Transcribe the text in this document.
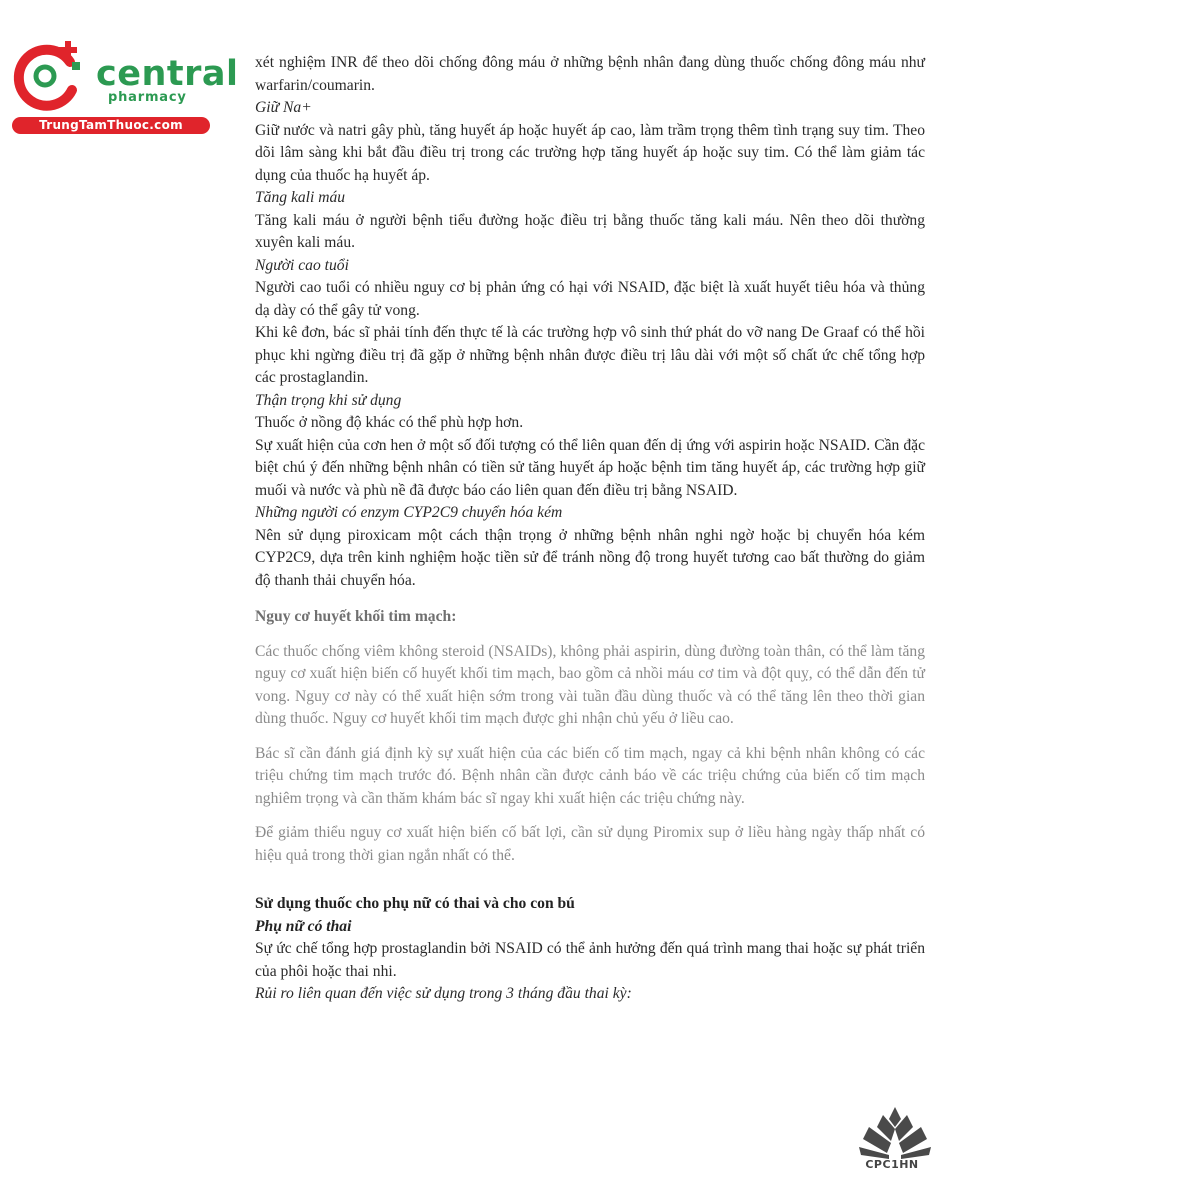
central
pharmacy
TrungTamThuoc.com

xét nghiệm INR để theo dõi chống đông máu ở những bệnh nhân đang dùng thuốc chống đông máu như warfarin/coumarin.

Giữ Na+

Giữ nước và natri gây phù, tăng huyết áp hoặc huyết áp cao, làm trầm trọng thêm tình trạng suy tim. Theo dõi lâm sàng khi bắt đầu điều trị trong các trường hợp tăng huyết áp hoặc suy tim. Có thể làm giảm tác dụng của thuốc hạ huyết áp.

Tăng kali máu

Tăng kali máu ở người bệnh tiểu đường hoặc điều trị bằng thuốc tăng kali máu. Nên theo dõi thường xuyên kali máu.

Người cao tuổi

Người cao tuổi có nhiều nguy cơ bị phản ứng có hại với NSAID, đặc biệt là xuất huyết tiêu hóa và thủng dạ dày có thể gây tử vong.

Khi kê đơn, bác sĩ phải tính đến thực tế là các trường hợp vô sinh thứ phát do vỡ nang De Graaf có thể hồi phục khi ngừng điều trị đã gặp ở những bệnh nhân được điều trị lâu dài với một số chất ức chế tổng hợp các prostaglandin.

Thận trọng khi sử dụng

Thuốc ở nồng độ khác có thể phù hợp hơn.

Sự xuất hiện của cơn hen ở một số đối tượng có thể liên quan đến dị ứng với aspirin hoặc NSAID. Cần đặc biệt chú ý đến những bệnh nhân có tiền sử tăng huyết áp hoặc bệnh tim tăng huyết áp, các trường hợp giữ muối và nước và phù nề đã được báo cáo liên quan đến điều trị bằng NSAID.

Những người có enzym CYP2C9 chuyển hóa kém

Nên sử dụng piroxicam một cách thận trọng ở những bệnh nhân nghi ngờ hoặc bị chuyển hóa kém CYP2C9, dựa trên kinh nghiệm hoặc tiền sử để tránh nồng độ trong huyết tương cao bất thường do giảm độ thanh thải chuyển hóa.

Nguy cơ huyết khối tim mạch:

Các thuốc chống viêm không steroid (NSAIDs), không phải aspirin, dùng đường toàn thân, có thể làm tăng nguy cơ xuất hiện biến cố huyết khối tim mạch, bao gồm cả nhồi máu cơ tim và đột quỵ, có thể dẫn đến tử vong. Nguy cơ này có thể xuất hiện sớm trong vài tuần đầu dùng thuốc và có thể tăng lên theo thời gian dùng thuốc. Nguy cơ huyết khối tim mạch được ghi nhận chủ yếu ở liều cao.

Bác sĩ cần đánh giá định kỳ sự xuất hiện của các biến cố tim mạch, ngay cả khi bệnh nhân không có các triệu chứng tim mạch trước đó. Bệnh nhân cần được cảnh báo về các triệu chứng của biến cố tim mạch nghiêm trọng và cần thăm khám bác sĩ ngay khi xuất hiện các triệu chứng này.

Để giảm thiểu nguy cơ xuất hiện biến cố bất lợi, cần sử dụng Piromix sup ở liều hàng ngày thấp nhất có hiệu quả trong thời gian ngắn nhất có thể.

Sử dụng thuốc cho phụ nữ có thai và cho con bú

Phụ nữ có thai

Sự ức chế tổng hợp prostaglandin bởi NSAID có thể ảnh hưởng đến quá trình mang thai hoặc sự phát triển của phôi hoặc thai nhi.

Rủi ro liên quan đến việc sử dụng trong 3 tháng đầu thai kỳ:

CPC1HN
